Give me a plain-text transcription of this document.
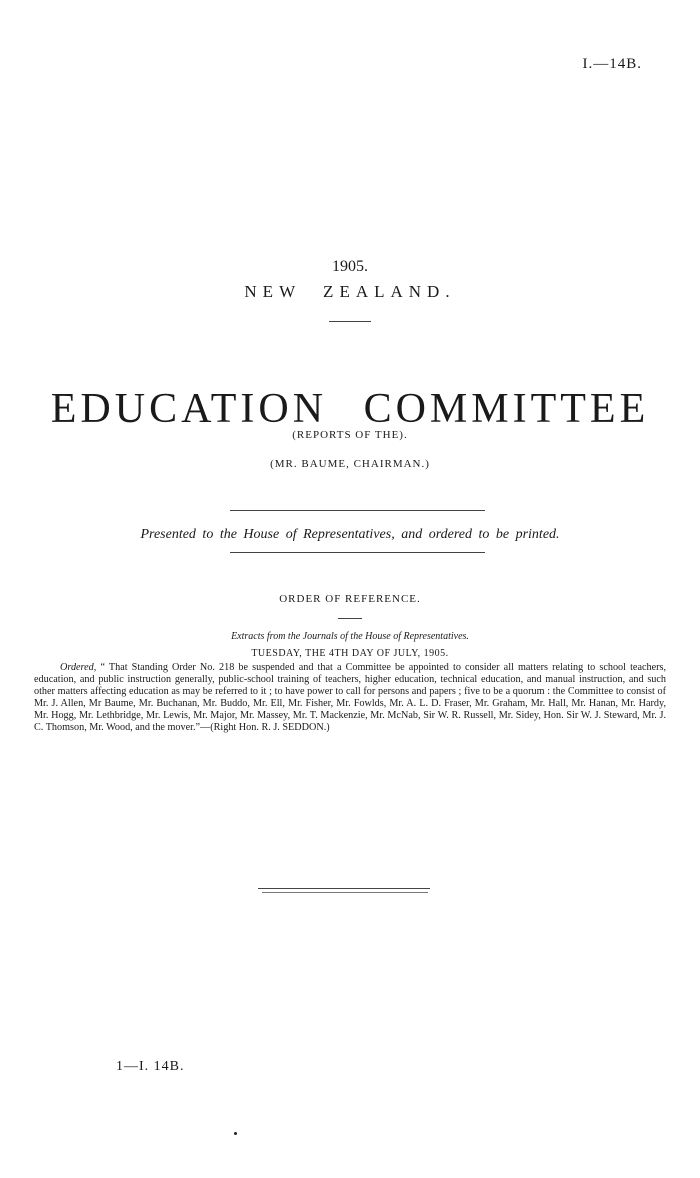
I.—14B.
1905.
NEW ZEALAND.
EDUCATION COMMITTEE
(REPORTS OF THE).
(MR. BAUME, CHAIRMAN.)
Presented to the House of Representatives, and ordered to be printed.
ORDER OF REFERENCE.
Extracts from the Journals of the House of Representatives.
TUESDAY, THE 4TH DAY OF JULY, 1905.
Ordered, “ That Standing Order No. 218 be suspended and that a Committee be appointed to consider all matters relating to school teachers, education, and public instruction generally, public-school training of teachers, higher education, technical education, and manual instruction, and such other matters affecting education as may be referred to it ; to have power to call for persons and papers ; five to be a quorum : the Committee to consist of Mr. J. Allen, Mr Baume, Mr. Buchanan, Mr. Buddo, Mr. Ell, Mr. Fisher, Mr. Fowlds, Mr. A. L. D. Fraser, Mr. Graham, Mr. Hall, Mr. Hanan, Mr. Hardy, Mr. Hogg, Mr. Lethbridge, Mr. Lewis, Mr. Major, Mr. Massey, Mr. T. Mackenzie, Mr. McNab, Sir W. R. Russell, Mr. Sidey, Hon. Sir W. J. Steward, Mr. J. C. Thomson, Mr. Wood, and the mover.”—(Right Hon. R. J. SEDDON.)
1—I. 14B.
